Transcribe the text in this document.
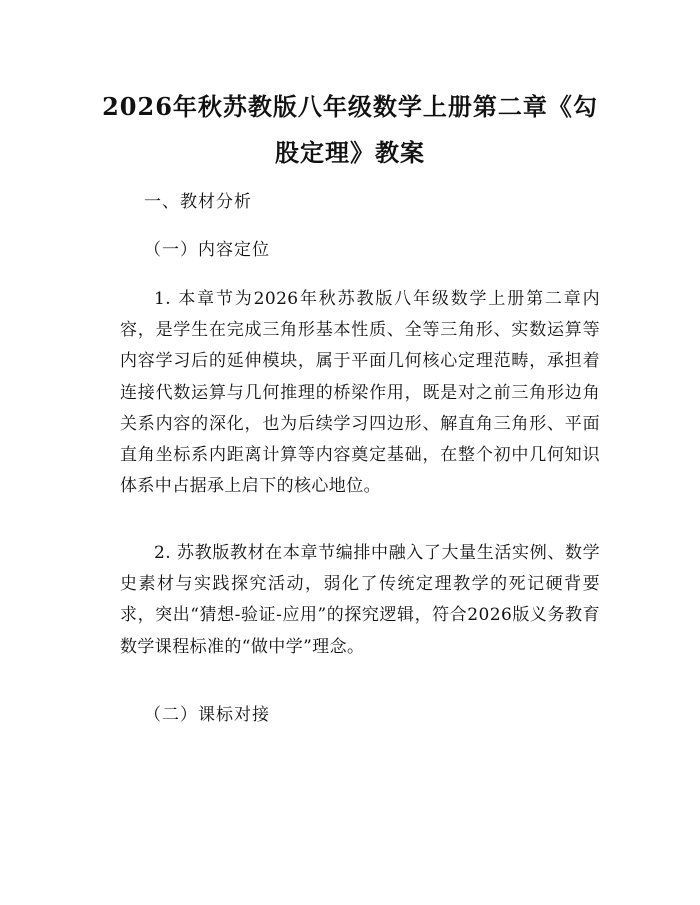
2026年秋苏教版八年级数学上册第二章《勾股定理》教案

一、教材分析

（一）内容定位

1. 本章节为2026年秋苏教版八年级数学上册第二章内容，是学生在完成三角形基本性质、全等三角形、实数运算等内容学习后的延伸模块，属于平面几何核心定理范畴，承担着连接代数运算与几何推理的桥梁作用，既是对之前三角形边角关系内容的深化，也为后续学习四边形、解直角三角形、平面直角坐标系内距离计算等内容奠定基础，在整个初中几何知识体系中占据承上启下的核心地位。

2. 苏教版教材在本章节编排中融入了大量生活实例、数学史素材与实践探究活动，弱化了传统定理教学的死记硬背要求，突出“猜想-验证-应用”的探究逻辑，符合2026版义务教育数学课程标准的“做中学”理念。

（二）课标对接
